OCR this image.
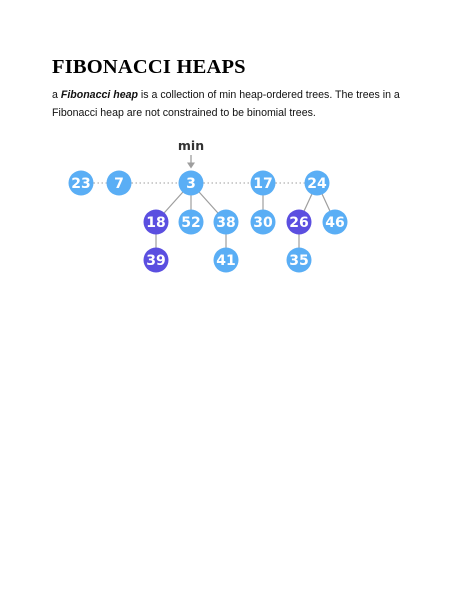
FIBONACCI HEAPS

a Fibonacci heap is a collection of min heap-ordered trees. The trees in a Fibonacci heap are not constrained to be binomial trees.

min
23 7	3	17 24
18 52 38 30 26 46
39	41	35
